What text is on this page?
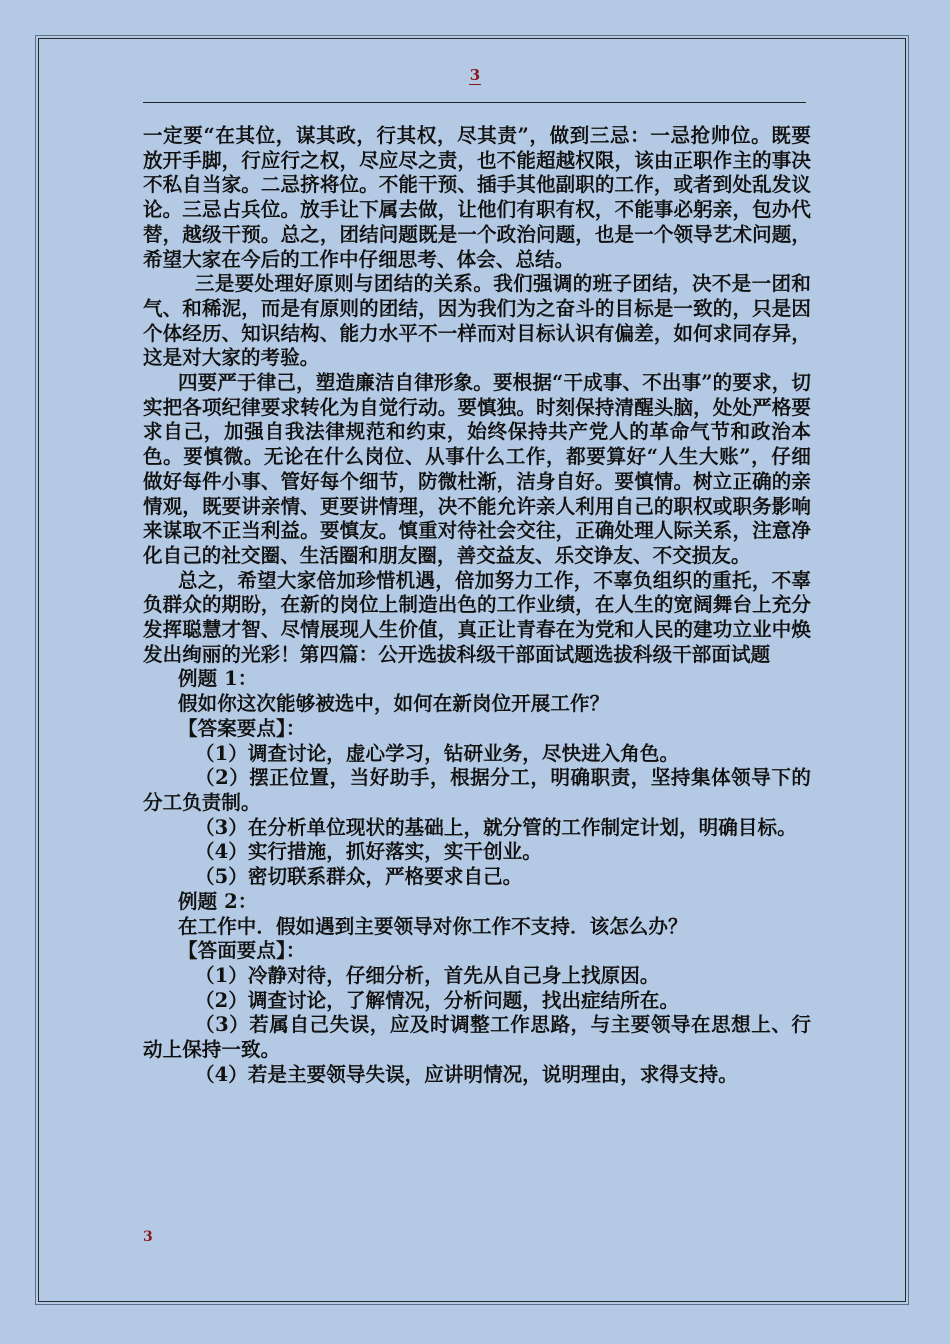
3

一定要“在其位，谋其政，行其权，尽其责”，做到三忌：一忌抢帅位。既要放开手脚，行应行之权，尽应尽之责，也不能超越权限，该由正职作主的事决不私自当家。二忌挤将位。不能干预、插手其他副职的工作，或者到处乱发议论。三忌占兵位。放手让下属去做，让他们有职有权，不能事必躬亲，包办代替，越级干预。总之，团结问题既是一个政治问题，也是一个领导艺术问题，希望大家在今后的工作中仔细思考、体会、总结。

三是要处理好原则与团结的关系。我们强调的班子团结，决不是一团和气、和稀泥，而是有原则的团结，因为我们为之奋斗的目标是一致的，只是因个体经历、知识结构、能力水平不一样而对目标认识有偏差，如何求同存异，这是对大家的考验。

四要严于律己，塑造廉洁自律形象。要根据“干成事、不出事”的要求，切实把各项纪律要求转化为自觉行动。要慎独。时刻保持清醒头脑，处处严格要求自己，加强自我法律规范和约束，始终保持共产党人的革命气节和政治本色。要慎微。无论在什么岗位、从事什么工作，都要算好“人生大账”，仔细做好每件小事、管好每个细节，防微杜渐，洁身自好。要慎情。树立正确的亲情观，既要讲亲情、更要讲情理，决不能允许亲人利用自己的职权或职务影响来谋取不正当利益。要慎友。慎重对待社会交往，正确处理人际关系，注意净化自己的社交圈、生活圈和朋友圈，善交益友、乐交诤友、不交损友。

总之，希望大家倍加珍惜机遇，倍加努力工作，不辜负组织的重托，不辜负群众的期盼，在新的岗位上制造出色的工作业绩，在人生的宽阔舞台上充分发挥聪慧才智、尽情展现人生价值，真正让青春在为党和人民的建功立业中焕发出绚丽的光彩！第四篇：公开选拔科级干部面试题选拔科级干部面试题

例题 1：

假如你这次能够被选中，如何在新岗位开展工作？

【答案要点】：

（1）调查讨论，虚心学习，钻研业务，尽快进入角色。

（2）摆正位置，当好助手，根据分工，明确职责，坚持集体领导下的分工负责制。

（3）在分析单位现状的基础上，就分管的工作制定计划，明确目标。

（4）实行措施，抓好落实，实干创业。

（5）密切联系群众，严格要求自己。

例题 2：

在工作中．假如遇到主要领导对你工作不支持．该怎么办？

【答面要点】：

（1）冷静对待，仔细分析，首先从自己身上找原因。

（2）调查讨论，了解情况，分析问题，找出症结所在。

（3）若属自己失误，应及时调整工作思路，与主要领导在思想上、行动上保持一致。

（4）若是主要领导失误，应讲明情况，说明理由，求得支持。

3
